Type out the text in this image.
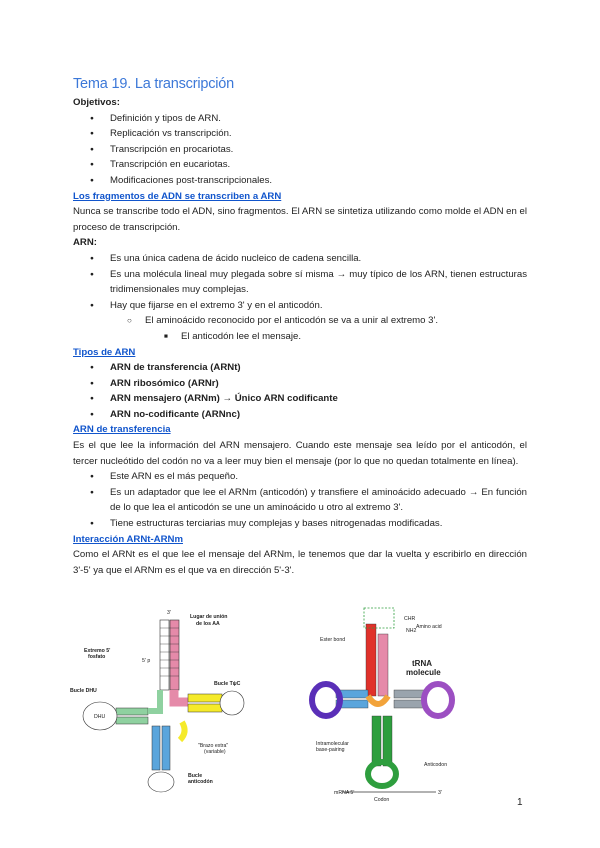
Tema 19. La transcripción
Objetivos:
● Definición y tipos de ARN.
● Replicación vs transcripción.
● Transcripción en procariotas.
● Transcripción en eucariotas.
● Modificaciones post-transcripcionales.
Los fragmentos de ADN se transcriben a ARN

Nunca se transcribe todo el ADN, sino fragmentos. El ARN se sintetiza utilizando como molde el ADN en el proceso de transcripción.

ARN:
● Es una única cadena de ácido nucleico de cadena sencilla.
● Es una molécula lineal muy plegada sobre sí misma → muy típico de los ARN, tienen estructuras tridimensionales muy complejas.
● Hay que fijarse en el extremo 3' y en el anticodón.
○ El aminoácido reconocido por el anticodón se va a unir al extremo 3'.
■ El anticodón lee el mensaje.
Tipos de ARN
● ARN de transferencia (ARNt)
● ARN ribosómico (ARNr)
● ARN mensajero (ARNm) → Único ARN codificante
● ARN no-codificante (ARNnc)
ARN de transferencia

Es el que lee la información del ARN mensajero. Cuando este mensaje sea leído por el anticodón, el tercer nucleótido del codón no va a leer muy bien el mensaje (por lo que no quedan totalmente en línea).

● Este ARN es el más pequeño.
● Es un adaptador que lee el ARNm (anticodón) y transfiere el aminoácido adecuado → En función de lo que lea el anticodón se une un aminoácido u otro al extremo 3'.
● Tiene estructuras terciarias muy complejas y bases nitrogenadas modificadas.
Interacción ARNt-ARNm

Como el ARNt es el que lee el mensaje del ARNm, le tenemos que dar la vuelta y escribirlo en dirección 3'-5' ya que el ARNm es el que va en dirección 5'-3'.

DHU
3'
Lugar de unión
de los AA
Extremo 5'
fosfato
5' p
Bucle DHU
Bucle TψC
"Brazo extra"
(variable)
Bucle
anticodón
Ester bond
Amino acid
CHR
NH2
tRNA
molecule
Intramolecular
base-pairing
Anticodon
mRNA 5'	3'
Codon	1
